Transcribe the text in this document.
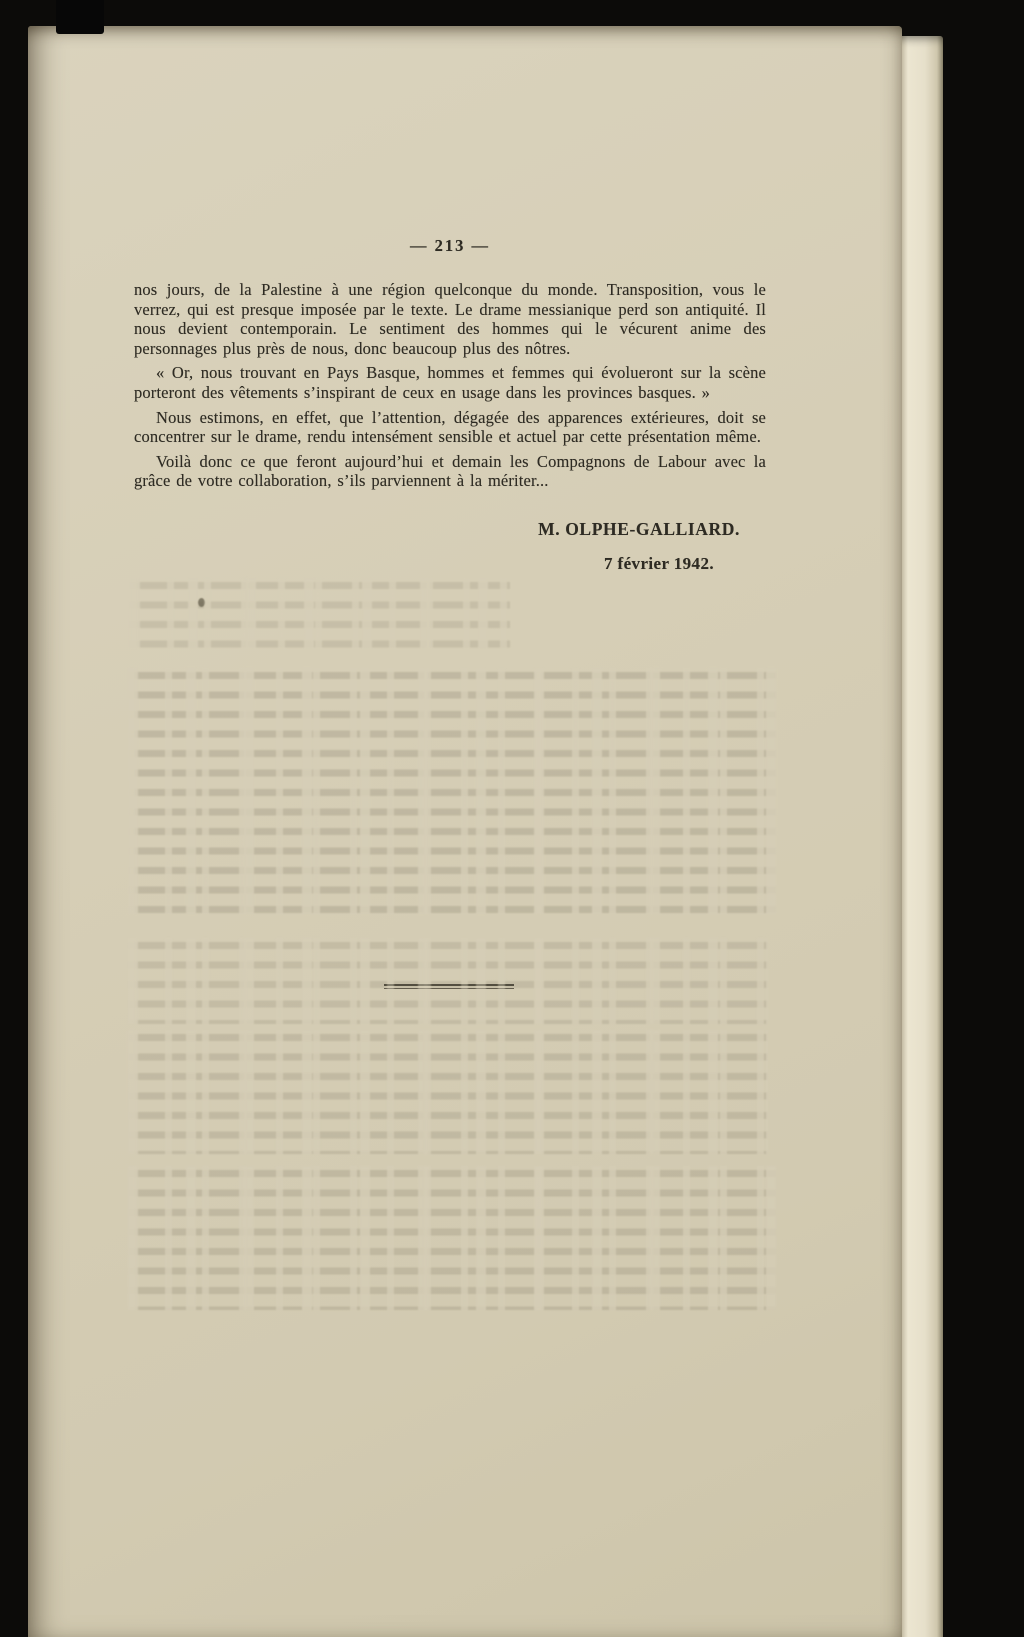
— 213 —

nos jours, de la Palestine à une région quelconque du monde. Transposition, vous le verrez, qui est presque imposée par le texte. Le drame messianique perd son antiquité. Il nous devient contemporain. Le sentiment des hommes qui le vécurent anime des personnages plus près de nous, donc beaucoup plus des nôtres.

« Or, nous trouvant en Pays Basque, hommes et femmes qui évolueront sur la scène porteront des vêtements s’inspirant de ceux en usage dans les provinces basques. »

Nous estimons, en effet, que l’attention, dégagée des apparences extérieures, doit se concentrer sur le drame, rendu intensément sensible et actuel par cette présentation même.

Voilà donc ce que feront aujourd’hui et demain les Compagnons de Labour avec la grâce de votre collaboration, s’ils parviennent à la mériter...

M. OLPHE-GALLIARD.
7 février 1942.
